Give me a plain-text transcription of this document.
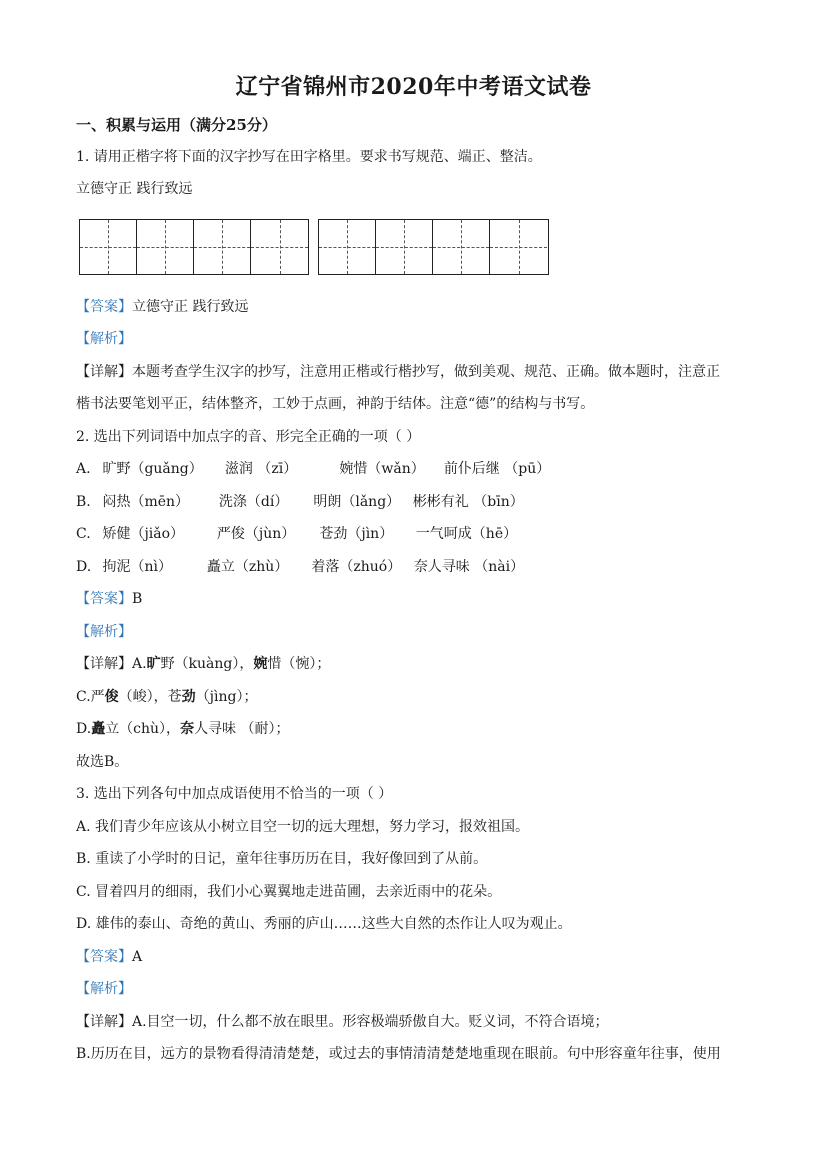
辽宁省锦州市2020年中考语文试卷
一、积累与运用（满分25分）
1. 请用正楷字将下面的汉字抄写在田字格里。要求书写规范、端正、整洁。
立德守正 践行致远
【答案】立德守正 践行致远
【解析】
【详解】本题考查学生汉字的抄写，注意用正楷或行楷抄写，做到美观、规范、正确。做本题时，注意正
楷书法要笔划平正，结体整齐，工妙于点画，神韵于结体。注意“德”的结构与书写。
2. 选出下列词语中加点字的音、形完全正确的一项（ ）
A. 旷野（guǎng） 滋润 （zī）	婉惜（wǎn） 前仆后继 （pū）
B. 闷热（mēn） 洗涤（dí） 明朗（lǎng） 彬彬有礼 （bīn）
C. 矫健（jiǎo） 严俊（jùn） 苍劲（jìn） 一气呵成（hē）
D. 拘泥（nì） 矗立（zhù） 着落（zhuó） 奈人寻味 （nài）
【答案】B
【解析】
【详解】A.旷野（kuàng），婉惜（惋）；
C.严俊（峻），苍劲（jìng）；
D.矗立（chù），奈人寻味 （耐）；
故选B。
3. 选出下列各句中加点成语使用不恰当的一项（ ）
A. 我们青少年应该从小树立目空一切的远大理想，努力学习，报效祖国。
B. 重读了小学时的日记，童年往事历历在目，我好像回到了从前。
C. 冒着四月的细雨，我们小心翼翼地走进苗圃，去亲近雨中的花朵。
D. 雄伟的泰山、奇绝的黄山、秀丽的庐山……这些大自然的杰作让人叹为观止。
【答案】A
【解析】
【详解】A.目空一切，什么都不放在眼里。形容极端骄傲自大。贬义词，不符合语境；
B.历历在目，远方的景物看得清清楚楚，或过去的事情清清楚楚地重现在眼前。句中形容童年往事，使用
